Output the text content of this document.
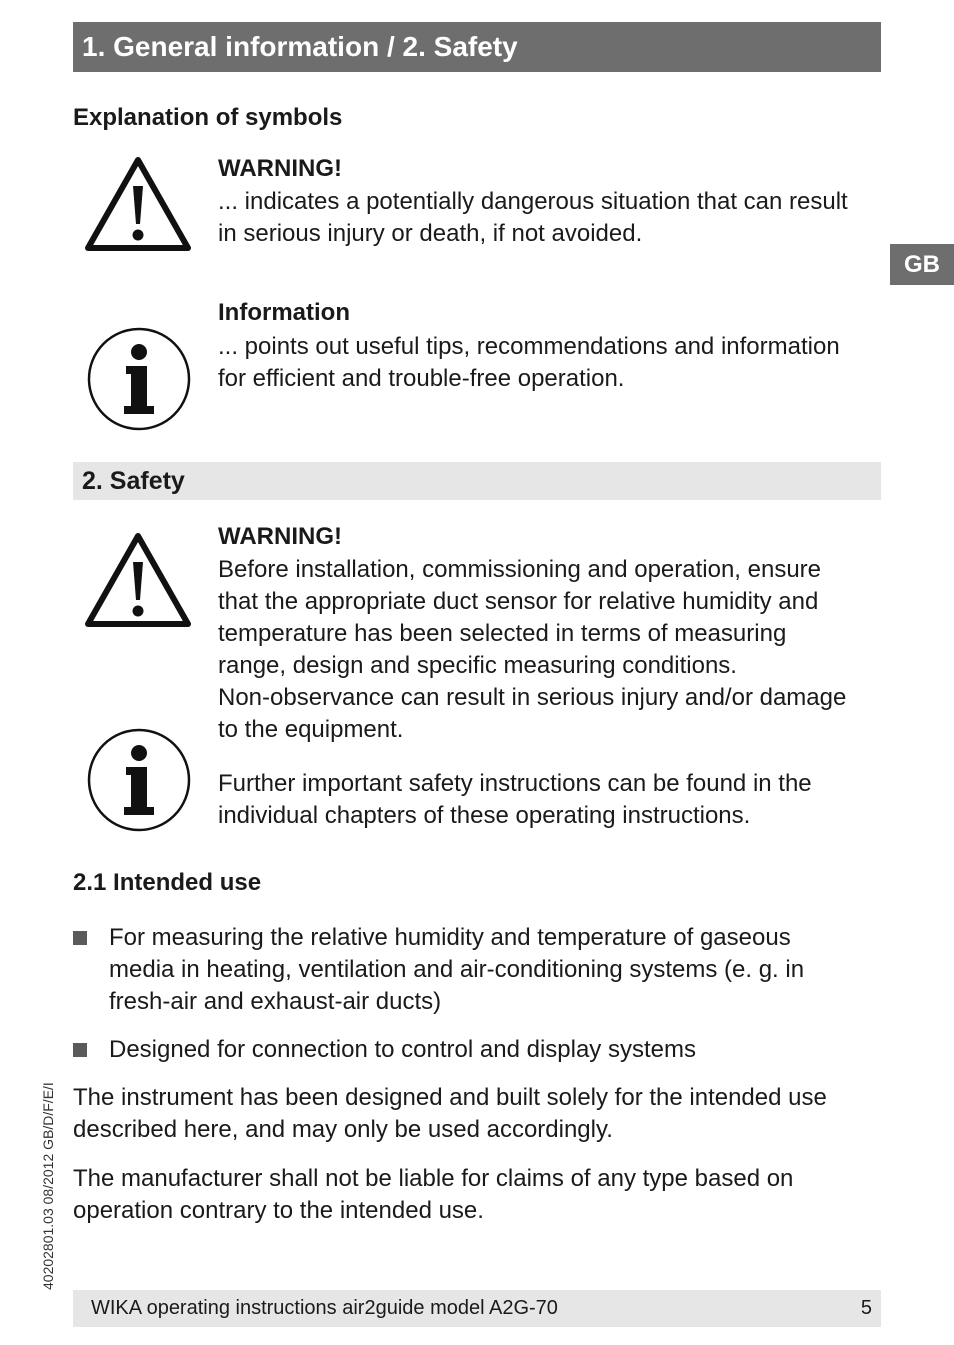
1. General information / 2. Safety
GB
Explanation of symbols
WARNING!
... indicates a potentially dangerous situation that can result
in serious injury or death, if not avoided.
Information
... points out useful tips, recommendations and information
for efficient and trouble-free operation.
2. Safety
WARNING!
Before installation, commissioning and operation, ensure
that the appropriate duct sensor for relative humidity and
temperature has been selected in terms of measuring
range, design and specific measuring conditions.
Non-observance can result in serious injury and/or damage
to the equipment.
Further important safety instructions can be found in the
individual chapters of these operating instructions.
2.1 Intended use
For measuring the relative humidity and temperature of gaseous
media in heating, ventilation and air-conditioning systems (e. g. in
fresh-air and exhaust-air ducts)
Designed for connection to control and display systems
The instrument has been designed and built solely for the intended use
described here, and may only be used accordingly.
The manufacturer shall not be liable for claims of any type based on
operation contrary to the intended use.
40202801.03 08/2012 GB/D/F/E/I
WIKA operating instructions air2guide model A2G-70	5
